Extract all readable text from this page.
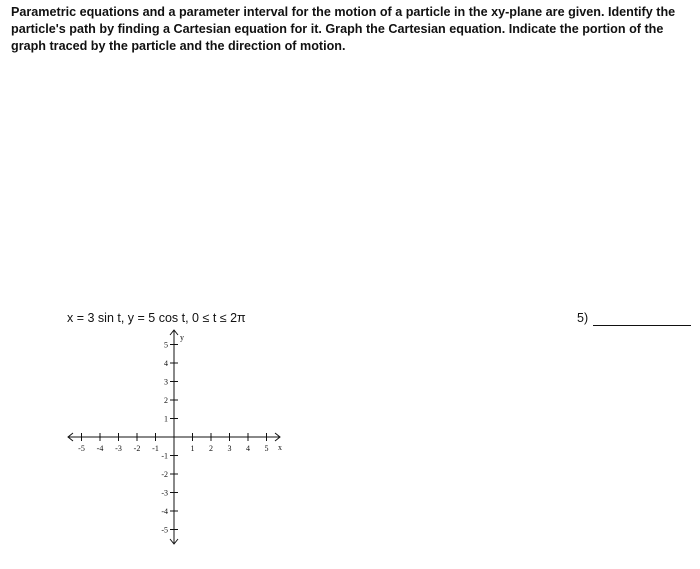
Parametric equations and a parameter interval for the motion of a particle in the xy-plane are given. Identify the particle's path by finding a Cartesian equation for it. Graph the Cartesian equation. Indicate the portion of the graph traced by the particle and the direction of motion.
x = 3 sin t, y = 5 cos t, 0 ≤ t ≤ 2π	5)
-5 -4 -3 -2 -1	1 2 3 4 5
5
4
3
2
1
-1
-2
-3
-4
-5
x
y
